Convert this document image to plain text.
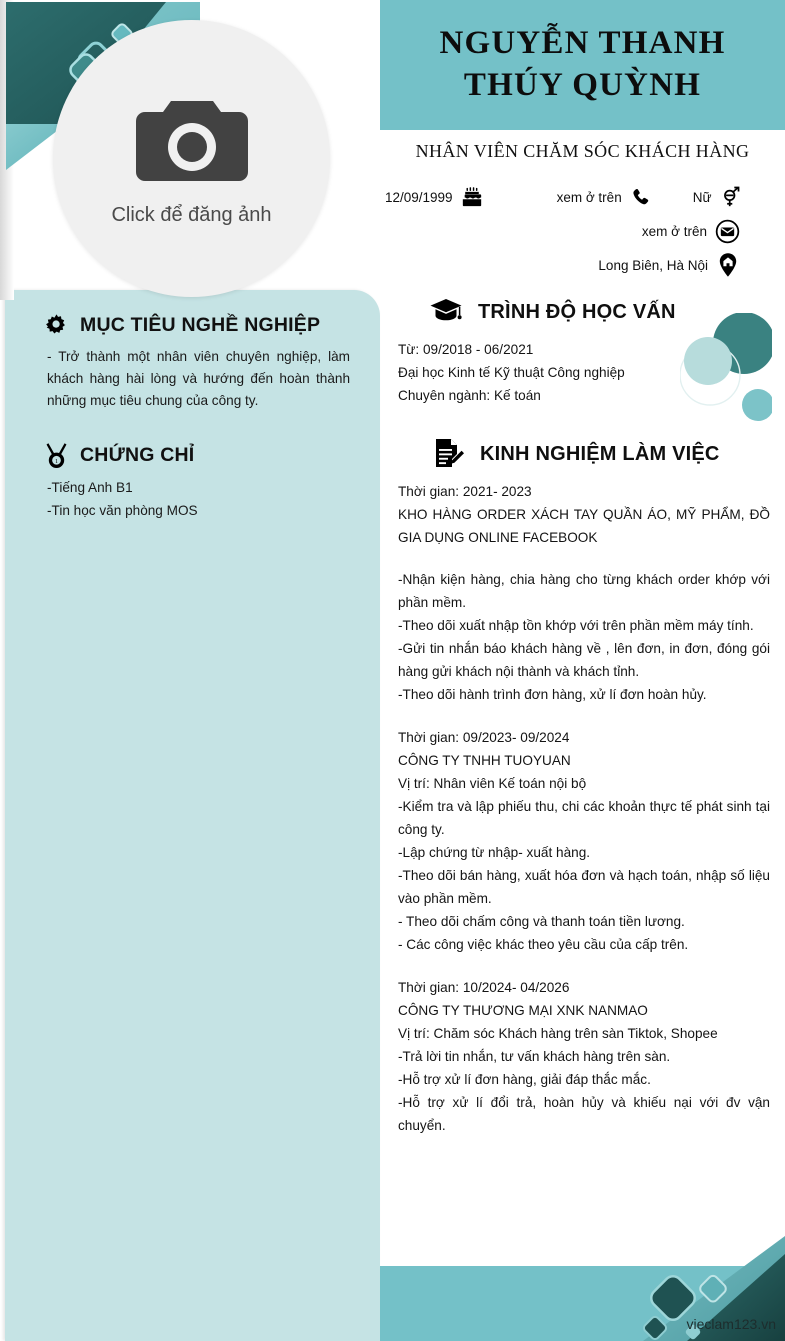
NGUYỄN THANH
THÚY QUỲNH
NHÂN VIÊN CHĂM SÓC KHÁCH HÀNG
12/09/1999	xem ở trên	Nữ
xem ở trên
Long Biên, Hà Nội
Click để đăng ảnh
MỤC TIÊU NGHỀ NGHIỆP
- Trở thành một nhân viên chuyên nghiệp, làm khách hàng hài lòng và hướng đến hoàn thành những mục tiêu chung của công ty.
1 CHỨNG CHỈ
-Tiếng Anh B1
-Tin học văn phòng MOS
TRÌNH ĐỘ HỌC VẤN
Từ: 09/2018 - 06/2021
Đại học Kinh tế Kỹ thuật Công nghiệp
Chuyên ngành: Kế toán
KINH NGHIỆM LÀM VIỆC
Thời gian: 2021- 2023
KHO HÀNG ORDER XÁCH TAY QUẦN ÁO, MỸ PHẨM, ĐỒ GIA DỤNG ONLINE FACEBOOK
-Nhận kiện hàng, chia hàng cho từng khách order khớp với phần mềm.
-Theo dõi xuất nhập tồn khớp với trên phần mềm máy tính.
-Gửi tin nhắn báo khách hàng về , lên đơn, in đơn, đóng gói hàng gửi khách nội thành và khách tỉnh.
-Theo dõi hành trình đơn hàng, xử lí đơn hoàn hủy.
Thời gian: 09/2023- 09/2024
CÔNG TY TNHH TUOYUAN
Vị trí: Nhân viên Kế toán nội bộ
-Kiểm tra và lập phiếu thu, chi các khoản thực tế phát sinh tại công ty.
-Lập chứng từ nhập- xuất hàng.
-Theo dõi bán hàng, xuất hóa đơn và hạch toán, nhập số liệu vào phần mềm.
- Theo dõi chấm công và thanh toán tiền lương.
- Các công việc khác theo yêu cầu của cấp trên.
Thời gian: 10/2024- 04/2026
CÔNG TY THƯƠNG MẠI XNK NANMAO
Vị trí: Chăm sóc Khách hàng trên sàn Tiktok, Shopee
-Trả lời tin nhắn, tư vấn khách hàng trên sàn.
-Hỗ trợ xử lí đơn hàng, giải đáp thắc mắc.
-Hỗ trợ xử lí đổi trả, hoàn hủy và khiếu nại với đv vận chuyển.
vieclam123.vn
